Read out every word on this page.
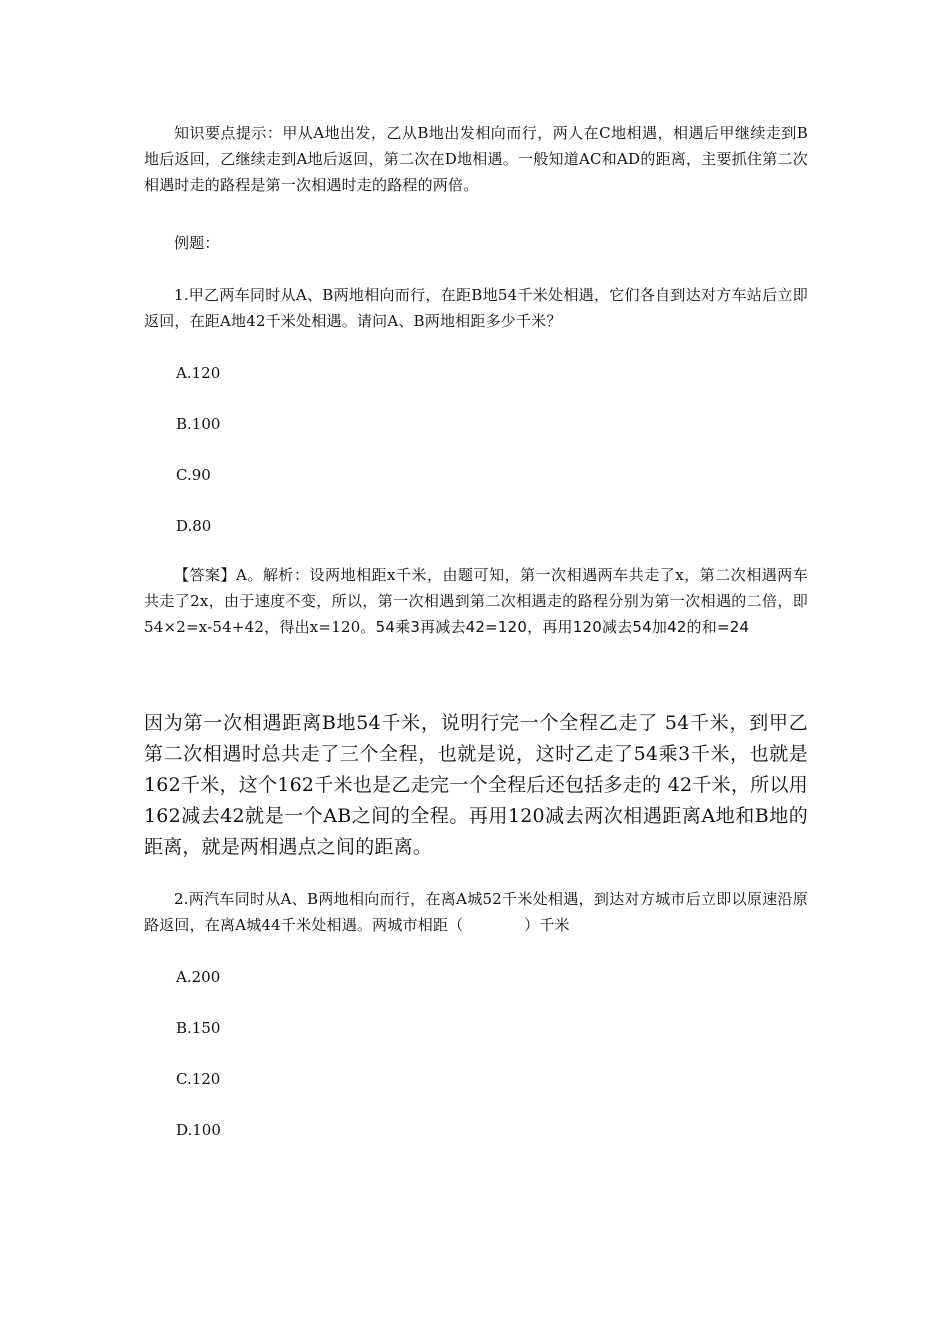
知识要点提示：甲从A地出发，乙从B地出发相向而行，两人在C地相遇，相遇后甲继续走到B地后返回，乙继续走到A地后返回，第二次在D地相遇。一般知道AC和AD的距离，主要抓住第二次相遇时走的路程是第一次相遇时走的路程的两倍。

例题：

1.甲乙两车同时从A、B两地相向而行，在距B地54千米处相遇，它们各自到达对方车站后立即返回，在距A地42千米处相遇。请问A、B两地相距多少千米？

A.120

B.100

C.90

D.80

【答案】A。解析：设两地相距x千米，由题可知，第一次相遇两车共走了x，第二次相遇两车共走了2x，由于速度不变，所以，第一次相遇到第二次相遇走的路程分别为第一次相遇的二倍，即54×2=x-54+42，得出x=120。54乘3再减去42=120，再用120减去54加42的和=24

因为第一次相遇距离B地54千米，说明行完一个全程乙走了 54千米，到甲乙第二次相遇时总共走了三个全程，也就是说，这时乙走了54乘3千米，也就是162千米，这个162千米也是乙走完一个全程后还包括多走的 42千米，所以用162减去42就是一个AB之间的全程。再用120减去两次相遇距离A地和B地的距离，就是两相遇点之间的距离。

2.两汽车同时从A、B两地相向而行，在离A城52千米处相遇，到达对方城市后立即以原速沿原路返回，在离A城44千米处相遇。两城市相距（　　　　）千米

A.200

B.150

C.120

D.100
